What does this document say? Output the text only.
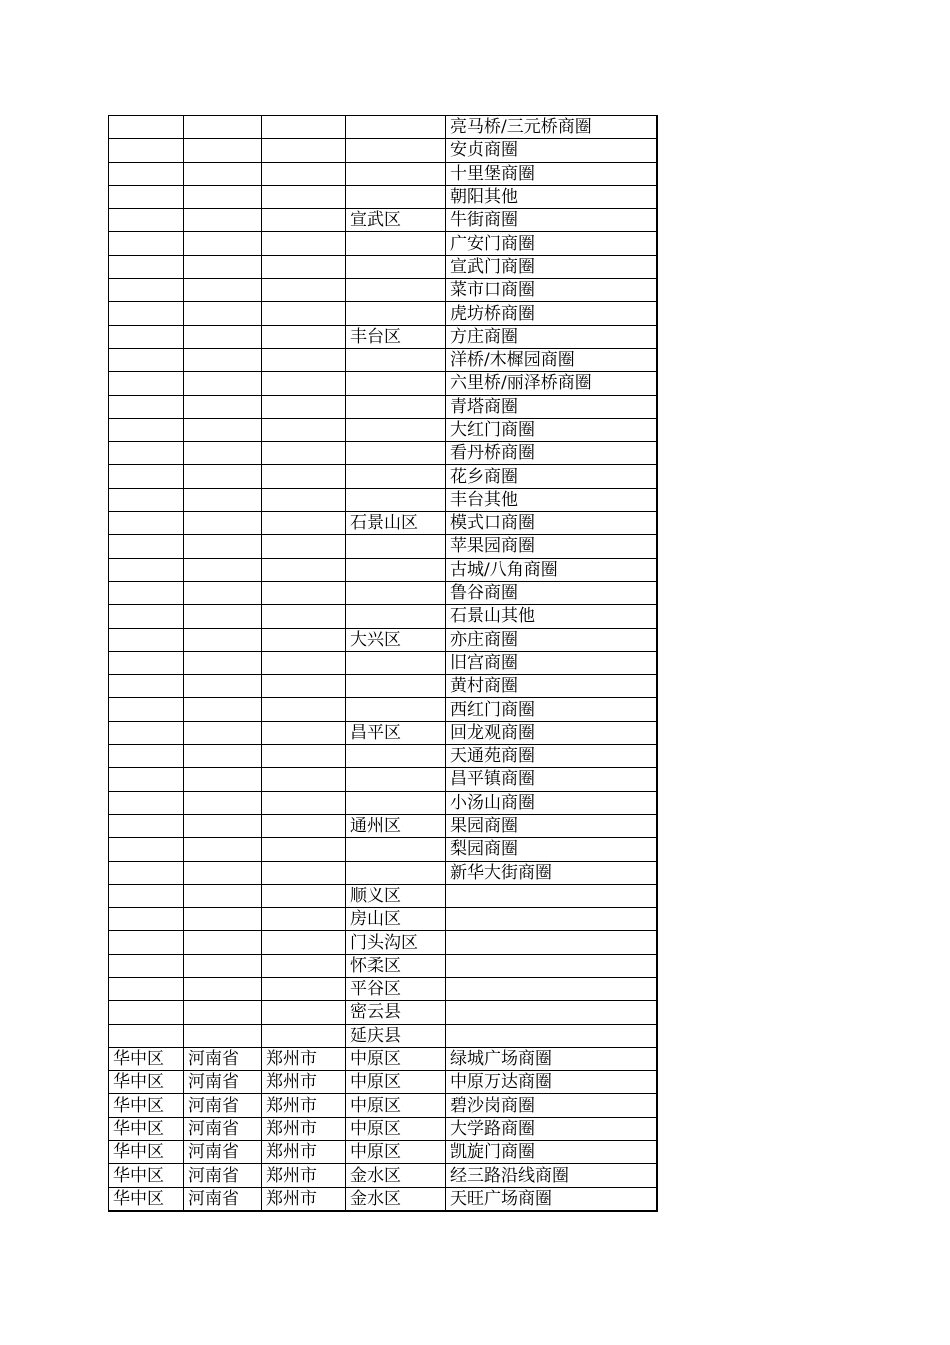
				亮马桥/三元桥商圈
				安贞商圈
				十里堡商圈
				朝阳其他
			宣武区	牛街商圈
				广安门商圈
				宣武门商圈
				菜市口商圈
				虎坊桥商圈
			丰台区	方庄商圈
				洋桥/木樨园商圈
				六里桥/丽泽桥商圈
				青塔商圈
				大红门商圈
				看丹桥商圈
				花乡商圈
				丰台其他
			石景山区	模式口商圈
				苹果园商圈
				古城/八角商圈
				鲁谷商圈
				石景山其他
			大兴区	亦庄商圈
				旧宫商圈
				黄村商圈
				西红门商圈
			昌平区	回龙观商圈
				天通苑商圈
				昌平镇商圈
				小汤山商圈
			通州区	果园商圈
				梨园商圈
				新华大街商圈
			顺义区	
			房山区	
			门头沟区	
			怀柔区	
			平谷区	
			密云县	
			延庆县	
华中区	河南省	郑州市	中原区	绿城广场商圈
华中区	河南省	郑州市	中原区	中原万达商圈
华中区	河南省	郑州市	中原区	碧沙岗商圈
华中区	河南省	郑州市	中原区	大学路商圈
华中区	河南省	郑州市	中原区	凯旋门商圈
华中区	河南省	郑州市	金水区	经三路沿线商圈
华中区	河南省	郑州市	金水区	天旺广场商圈
